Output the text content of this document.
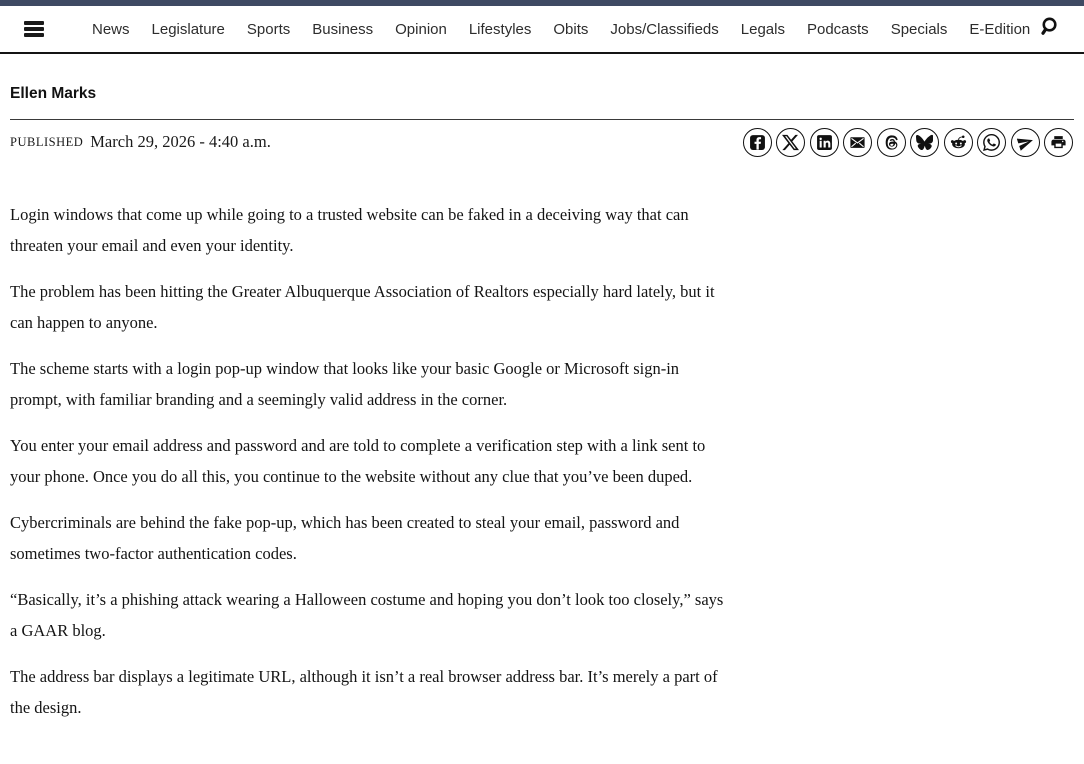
News Legislature Sports Business Opinion Lifestyles Obits Jobs/Classifieds Legals Podcasts Specials E-Edition
Ellen Marks
PUBLISHED March 29, 2026 - 4:40 a.m.

Login windows that come up while going to a trusted website can be faked in a deceiving way that can threaten your email and even your identity.

The problem has been hitting the Greater Albuquerque Association of Realtors especially hard lately, but it can happen to anyone.

The scheme starts with a login pop-up window that looks like your basic Google or Microsoft sign-in prompt, with familiar branding and a seemingly valid address in the corner.

You enter your email address and password and are told to complete a verification step with a link sent to your phone. Once you do all this, you continue to the website without any clue that you’ve been duped.

Cybercriminals are behind the fake pop-up, which has been created to steal your email, password and sometimes two-factor authentication codes.

“Basically, it’s a phishing attack wearing a Halloween costume and hoping you don’t look too closely,” says a GAAR blog.

The address bar displays a legitimate URL, although it isn’t a real browser address bar. It’s merely a part of the design.
